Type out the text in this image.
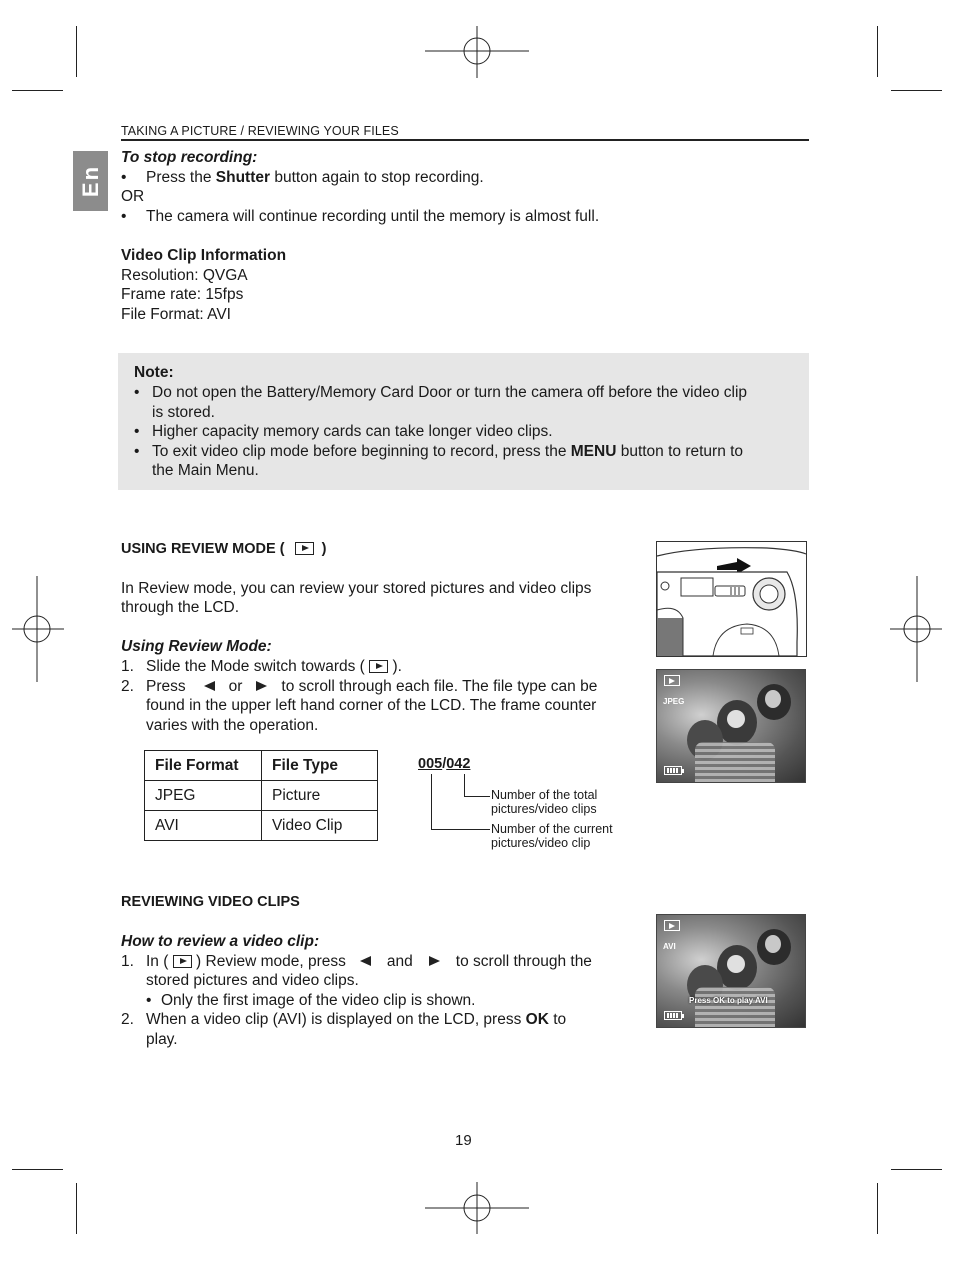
TAKING A PICTURE / REVIEWING YOUR FILES
En
To stop recording:
• Press the Shutter button again to stop recording.
OR
• The camera will continue recording until the memory is almost full.
Video Clip Information
Resolution: QVGA
Frame rate: 15fps
File Format: AVI
Note:
• Do not open the Battery/Memory Card Door or turn the camera off before the video clip
is stored.
• Higher capacity memory cards can take longer video clips.
• To exit video clip mode before beginning to record, press the MENU button to return to
the Main Menu.
USING REVIEW MODE (	)
In Review mode, you can review your stored pictures and video clips
through the LCD.
Using Review Mode:
1. Slide the Mode switch towards ( ).
2. Press	or	to scroll through each file. The file type can be
found in the upper left hand corner of the LCD. The frame counter
varies with the operation.
File Format	File Type
JPEG	Picture
AVI	Video Clip
005/042
Number of the total
pictures/video clips
Number of the current
pictures/video clip
JPEG
REVIEWING VIDEO CLIPS
How to review a video clip:
1. In ( ) Review mode, press	and	to scroll through the
stored pictures and video clips.
• Only the first image of the video clip is shown.
2. When a video clip (AVI) is displayed on the LCD, press OK to
play.
AVI
Press OK to play AVI
19
